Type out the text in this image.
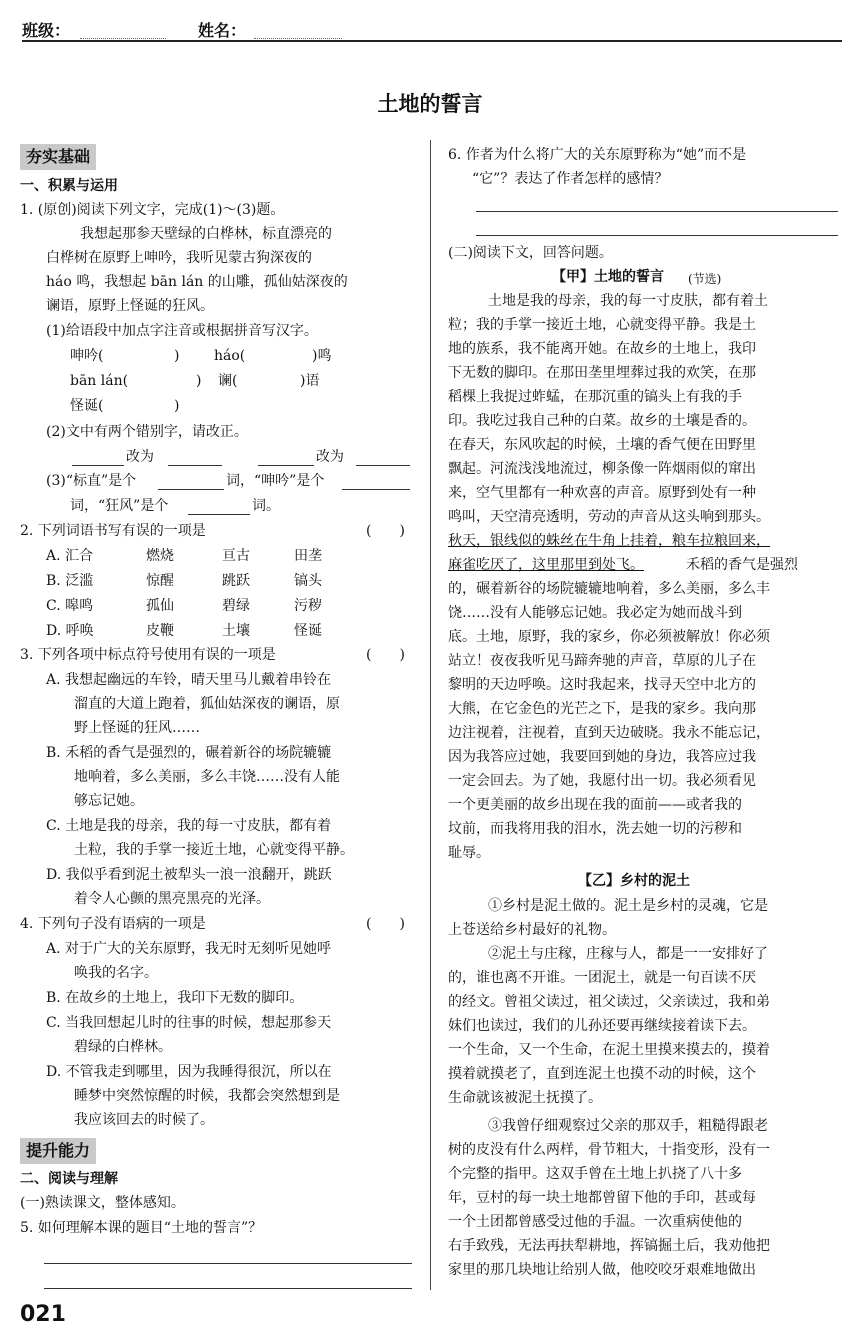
班级：	姓名：
土地的誓言
夯实基础
一、积累与运用
1. (原创)阅读下列文字，完成(1)～(3)题。
我想起那参天壁绿的白桦林，标直漂亮的
白桦树在原野上呻吟，我听见蒙古狗深夜的
háo 鸣，我想起 bān lán 的山雕，孤仙姑深夜的
谰语，原野上怪诞的狂风。
(1)给语段中加点字注音或根据拼音写汉字。
呻吟(	) háo(	)鸣
bān lán(	) 谰(	)语
怪诞(	)
(2)文中有两个错别字，请改正。
改为	改为
(3)“标直”是个	词，“呻吟”是个
词，“狂风”是个	词。
2. 下列词语书写有误的一项是	(　　)
A. 汇合	燃烧	亘古	田垄
B. 泛滥	惊醒	跳跃	镐头
C. 嗥鸣	孤仙	碧绿	污秽
D. 呼唤	皮鞭	土壤	怪诞
3. 下列各项中标点符号使用有误的一项是	(　　)
A. 我想起幽远的车铃，晴天里马儿戴着串铃在
溜直的大道上跑着，狐仙姑深夜的谰语，原
野上怪诞的狂风……
B. 禾稻的香气是强烈的，碾着新谷的场院辘辘
地响着，多么美丽，多么丰饶……没有人能
够忘记她。
C. 土地是我的母亲，我的每一寸皮肤，都有着
土粒，我的手掌一接近土地，心就变得平静。
D. 我似乎看到泥土被犁头一浪一浪翻开，跳跃
着令人心颤的黑亮黑亮的光泽。
4. 下列句子没有语病的一项是	(　　)
A. 对于广大的关东原野，我无时无刻听见她呼
唤我的名字。
B. 在故乡的土地上，我印下无数的脚印。
C. 当我回想起儿时的往事的时候，想起那参天
碧绿的白桦林。
D. 不管我走到哪里，因为我睡得很沉，所以在
睡梦中突然惊醒的时候，我都会突然想到是
我应该回去的时候了。
提升能力
二、阅读与理解
(一)熟读课文，整体感知。
5. 如何理解本课的题目“土地的誓言”？
021
6. 作者为什么将广大的关东原野称为“她”而不是
“它”？表达了作者怎样的感情？
(二)阅读下文，回答问题。
【甲】土地的誓言 (节选)
土地是我的母亲，我的每一寸皮肤，都有着土
粒；我的手掌一接近土地，心就变得平静。我是土
地的族系，我不能离开她。在故乡的土地上，我印
下无数的脚印。在那田垄里埋葬过我的欢笑，在那
稻棵上我捉过蚱蜢，在那沉重的镐头上有我的手
印。我吃过我自己种的白菜。故乡的土壤是香的。
在春天，东风吹起的时候，土壤的香气便在田野里
飘起。河流浅浅地流过，柳条像一阵烟雨似的窜出
来，空气里都有一种欢喜的声音。原野到处有一种
鸣叫，天空清亮透明，劳动的声音从这头响到那头。
秋天，银线似的蛛丝在牛角上挂着，粮车拉粮回来，
麻雀吃厌了，这里那里到处飞。	禾稻的香气是强烈
的，碾着新谷的场院辘辘地响着，多么美丽，多么丰
饶……没有人能够忘记她。我必定为她而战斗到
底。土地，原野，我的家乡，你必须被解放！你必须
站立！夜夜我听见马蹄奔驰的声音，草原的儿子在
黎明的天边呼唤。这时我起来，找寻天空中北方的
大熊，在它金色的光芒之下，是我的家乡。我向那
边注视着，注视着，直到天边破晓。我永不能忘记，
因为我答应过她，我要回到她的身边，我答应过我
一定会回去。为了她，我愿付出一切。我必须看见
一个更美丽的故乡出现在我的面前——或者我的
坟前，而我将用我的泪水，洗去她一切的污秽和
耻辱。
【乙】乡村的泥土
①乡村是泥土做的。泥土是乡村的灵魂，它是
上苍送给乡村最好的礼物。
②泥土与庄稼，庄稼与人，都是一一安排好了
的，谁也离不开谁。一团泥土，就是一句百读不厌
的经文。曾祖父读过，祖父读过，父亲读过，我和弟
妹们也读过，我们的儿孙还要再继续接着读下去。
一个生命，又一个生命，在泥土里摸来摸去的，摸着
摸着就摸老了，直到连泥土也摸不动的时候，这个
生命就该被泥土抚摸了。
③我曾仔细观察过父亲的那双手，粗糙得跟老
树的皮没有什么两样，骨节粗大，十指变形，没有一
个完整的指甲。这双手曾在土地上扒挠了八十多
年，豆村的每一块土地都曾留下他的手印，甚或每
一个土团都曾感受过他的手温。一次重病使他的
右手致残，无法再扶犁耕地，挥镐掘土后，我劝他把
家里的那几块地让给别人做，他咬咬牙艰难地做出
